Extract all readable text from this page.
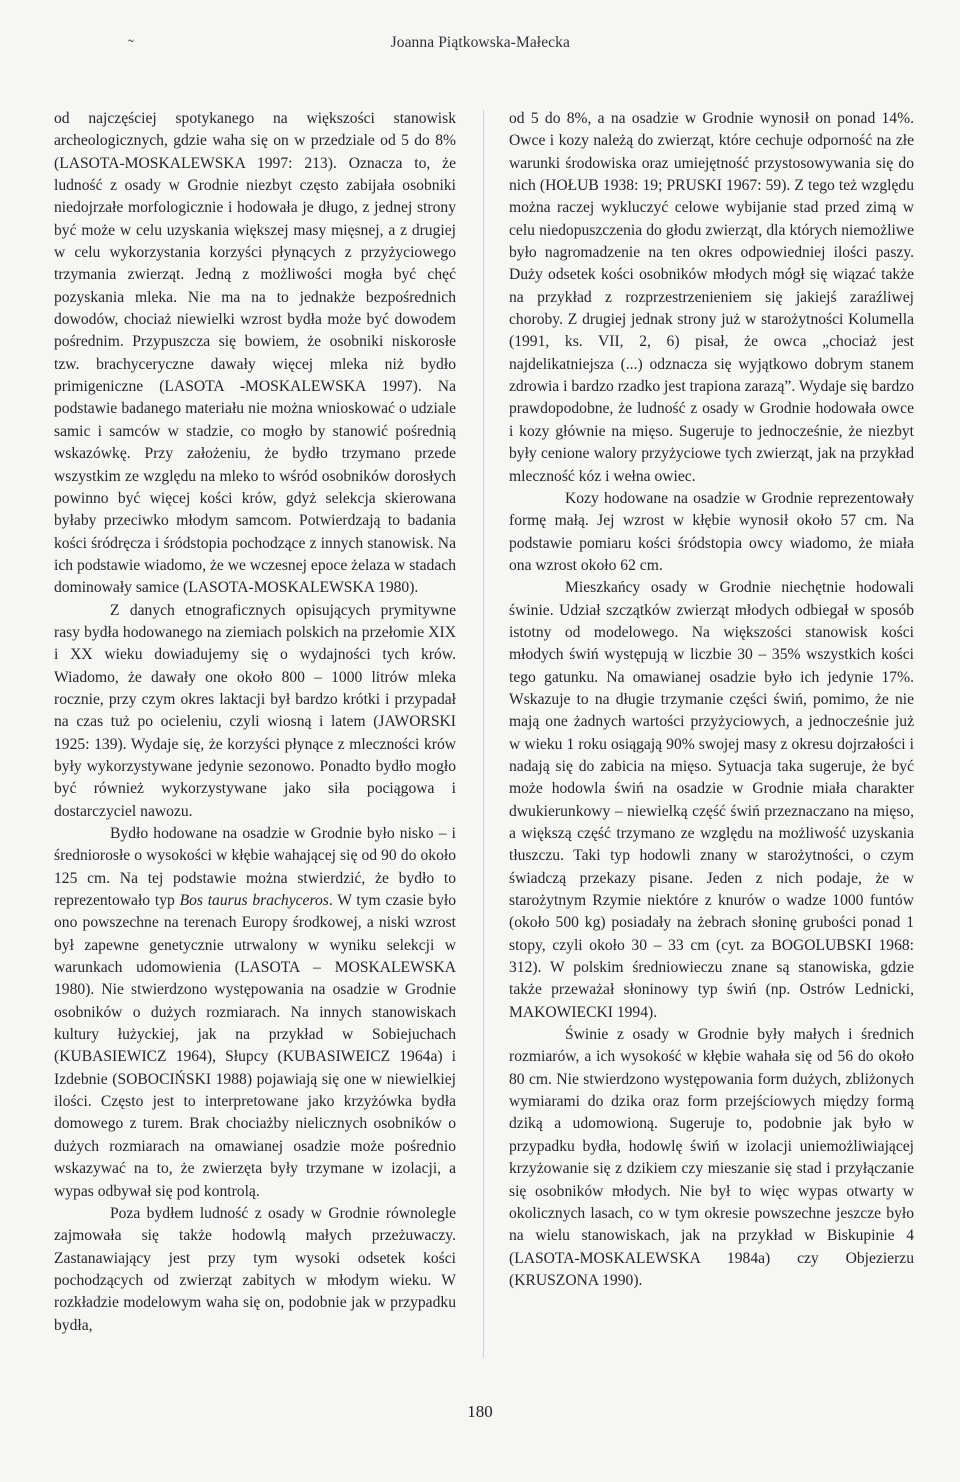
˜	Joanna Piątkowska-Małecka

od najczęściej spotykanego na większości stanowisk archeologicznych, gdzie waha się on w przedziale od 5 do 8% (LASOTA-MOSKALEWSKA 1997: 213). Oznacza to, że ludność z osady w Grodnie niezbyt często zabijała osobniki niedojrzałe morfologicznie i hodowała je długo, z jednej strony być może w celu uzyskania większej masy mięsnej, a z drugiej w celu wykorzystania korzyści płynących z przyżyciowego trzymania zwierząt. Jedną z możliwości mogła być chęć pozyskania mleka. Nie ma na to jednakże bezpośrednich dowodów, chociaż niewielki wzrost bydła może być dowodem pośrednim. Przypuszcza się bowiem, że osobniki niskorosłe tzw. brachyceryczne dawały więcej mleka niż bydło primigeniczne (LASOTA -MOSKALEWSKA 1997). Na podstawie badanego materiału nie można wnioskować o udziale samic i samców w stadzie, co mogło by stanowić pośrednią wskazówkę. Przy założeniu, że bydło trzymano przede wszystkim ze względu na mleko to wśród osobników dorosłych powinno być więcej kości krów, gdyż selekcja skierowana byłaby przeciwko młodym samcom. Potwierdzają to badania kości śródręcza i śródstopia pochodzące z innych stanowisk. Na ich podstawie wiadomo, że we wczesnej epoce żelaza w stadach dominowały samice (LASOTA-MOSKALEWSKA 1980).

Z danych etnograficznych opisujących prymitywne rasy bydła hodowanego na ziemiach polskich na przełomie XIX i XX wieku dowiadujemy się o wydajności tych krów. Wiadomo, że dawały one około 800 – 1000 litrów mleka rocznie, przy czym okres laktacji był bardzo krótki i przypadał na czas tuż po ocieleniu, czyli wiosną i latem (JAWORSKI 1925: 139). Wydaje się, że korzyści płynące z mleczności krów były wykorzystywane jedynie sezonowo. Ponadto bydło mogło być również wykorzystywane jako siła pociągowa i dostarczyciel nawozu.

Bydło hodowane na osadzie w Grodnie było nisko – i średniorosłe o wysokości w kłębie wahającej się od 90 do około 125 cm. Na tej podstawie można stwierdzić, że bydło to reprezentowało typ Bos taurus brachyceros. W tym czasie było ono powszechne na terenach Europy środkowej, a niski wzrost był zapewne genetycznie utrwalony w wyniku selekcji w warunkach udomowienia (LASOTA – MOSKALEWSKA 1980). Nie stwierdzono występowania na osadzie w Grodnie osobników o dużych rozmiarach. Na innych stanowiskach kultury łużyckiej, jak na przykład w Sobiejuchach (KUBASIEWICZ 1964), Słupcy (KUBASIWEICZ 1964a) i Izdebnie (SOBOCIŃSKI 1988) pojawiają się one w niewielkiej ilości. Często jest to interpretowane jako krzyżówka bydła domowego z turem. Brak chociażby nielicznych osobników o dużych rozmiarach na omawianej osadzie może pośrednio wskazywać na to, że zwierzęta były trzymane w izolacji, a wypas odbywał się pod kontrolą.

Poza bydłem ludność z osady w Grodnie równolegle zajmowała się także hodowlą małych przeżuwaczy. Zastanawiający jest przy tym wysoki odsetek kości pochodzących od zwierząt zabitych w młodym wieku. W rozkładzie modelowym waha się on, podobnie jak w przypadku bydła,

od 5 do 8%, a na osadzie w Grodnie wynosił on ponad 14%. Owce i kozy należą do zwierząt, które cechuje odporność na złe warunki środowiska oraz umiejętność przystosowywania się do nich (HOŁUB 1938: 19; PRUSKI 1967: 59). Z tego też względu można raczej wykluczyć celowe wybijanie stad przed zimą w celu niedopuszczenia do głodu zwierząt, dla których niemożliwe było nagromadzenie na ten okres odpowiedniej ilości paszy. Duży odsetek kości osobników młodych mógł się wiązać także na przykład z rozprzestrzenieniem się jakiejś zaraźliwej choroby. Z drugiej jednak strony już w starożytności Kolumella (1991, ks. VII, 2, 6) pisał, że owca „chociaż jest najdelikatniejsza (...) odznacza się wyjątkowo dobrym stanem zdrowia i bardzo rzadko jest trapiona zarazą”. Wydaje się bardzo prawdopodobne, że ludność z osady w Grodnie hodowała owce i kozy głównie na mięso. Sugeruje to jednocześnie, że niezbyt były cenione walory przyżyciowe tych zwierząt, jak na przykład mleczność kóz i wełna owiec.

Kozy hodowane na osadzie w Grodnie reprezentowały formę małą. Jej wzrost w kłębie wynosił około 57 cm. Na podstawie pomiaru kości śródstopia owcy wiadomo, że miała ona wzrost około 62 cm.

Mieszkańcy osady w Grodnie niechętnie hodowali świnie. Udział szczątków zwierząt młodych odbiegał w sposób istotny od modelowego. Na większości stanowisk kości młodych świń występują w liczbie 30 – 35% wszystkich kości tego gatunku. Na omawianej osadzie było ich jedynie 17%. Wskazuje to na długie trzymanie części świń, pomimo, że nie mają one żadnych wartości przyżyciowych, a jednocześnie już w wieku 1 roku osiągają 90% swojej masy z okresu dojrzałości i nadają się do zabicia na mięso. Sytuacja taka sugeruje, że być może hodowla świń na osadzie w Grodnie miała charakter dwukierunkowy – niewielką część świń przeznaczano na mięso, a większą część trzymano ze względu na możliwość uzyskania tłuszczu. Taki typ hodowli znany w starożytności, o czym świadczą przekazy pisane. Jeden z nich podaje, że w starożytnym Rzymie niektóre z knurów o wadze 1000 funtów (około 500 kg) posiadały na żebrach słoninę grubości ponad 1 stopy, czyli około 30 – 33 cm (cyt. za BOGOLUBSKI 1968: 312). W polskim średniowieczu znane są stanowiska, gdzie także przeważał słoninowy typ świń (np. Ostrów Lednicki, MAKOWIECKI 1994).

Świnie z osady w Grodnie były małych i średnich rozmiarów, a ich wysokość w kłębie wahała się od 56 do około 80 cm. Nie stwierdzono występowania form dużych, zbliżonych wymiarami do dzika oraz form przejściowych między formą dziką a udomowioną. Sugeruje to, podobnie jak było w przypadku bydła, hodowlę świń w izolacji uniemożliwiającej krzyżowanie się z dzikiem czy mieszanie się stad i przyłączanie się osobników młodych. Nie był to więc wypas otwarty w okolicznych lasach, co w tym okresie powszechne jeszcze było na wielu stanowiskach, jak na przykład w Biskupinie 4 (LASOTA-MOSKALEWSKA 1984a) czy Objezierzu (KRUSZONA 1990).

180
